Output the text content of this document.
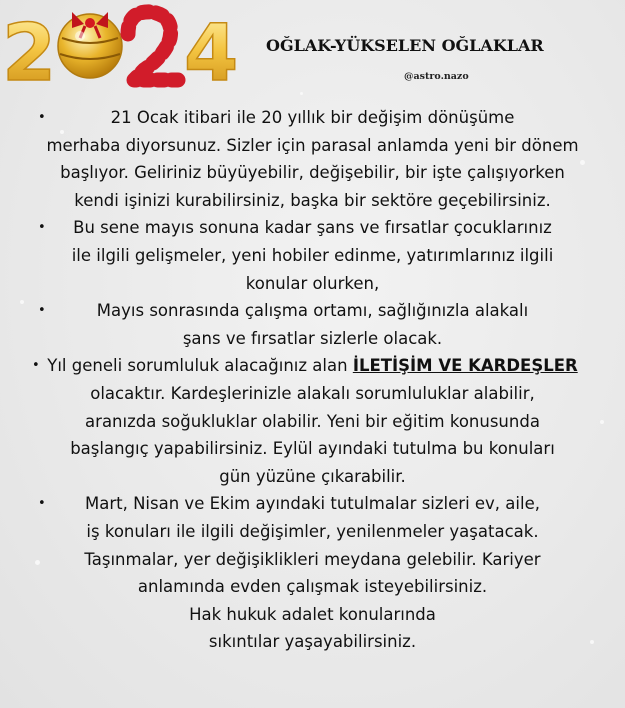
2 4 OĞLAK-YÜKSELEN OĞLAKLAR
@astro.nazo
•	21 Ocak itibari ile 20 yıllık bir değişim dönüşüme
merhaba diyorsunuz. Sizler için parasal anlamda yeni bir dönem
başlıyor. Geliriniz büyüyebilir, değişebilir, bir işte çalışıyorken
kendi işinizi kurabilirsiniz, başka bir sektöre geçebilirsiniz.
• Bu sene mayıs sonuna kadar şans ve fırsatlar çocuklarınız
ile ilgili gelişmeler, yeni hobiler edinme, yatırımlarınız ilgili
konular olurken,
•	Mayıs sonrasında çalışma ortamı, sağlığınızla alakalı
şans ve fırsatlar sizlerle olacak.
• Yıl geneli sorumluluk alacağınız alan İLETİŞİM VE KARDEŞLER
olacaktır. Kardeşlerinizle alakalı sorumluluklar alabilir,
aranızda soğukluklar olabilir. Yeni bir eğitim konusunda
başlangıç yapabilirsiniz. Eylül ayındaki tutulma bu konuları
gün yüzüne çıkarabilir.
• Mart, Nisan ve Ekim ayındaki tutulmalar sizleri ev, aile,
iş konuları ile ilgili değişimler, yenilenmeler yaşatacak.
Taşınmalar, yer değişiklikleri meydana gelebilir. Kariyer
anlamında evden çalışmak isteyebilirsiniz.
Hak hukuk adalet konularında
sıkıntılar yaşayabilirsiniz.
